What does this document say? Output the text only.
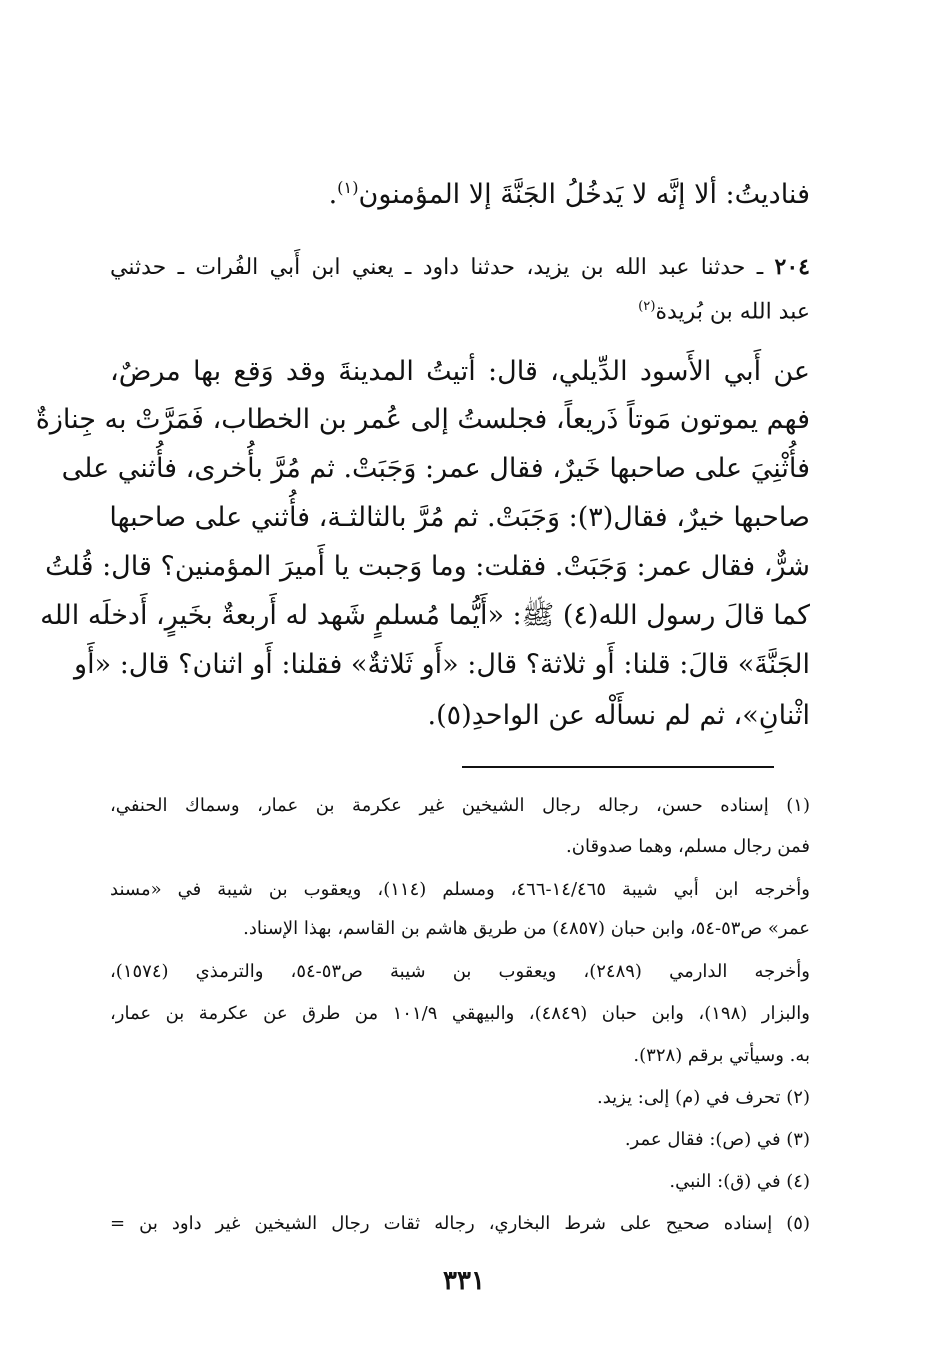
فناديتُ: ألا إنَّه لا يَدخُلُ الجَنَّةَ إلا المؤمنون$^{(١)}$.
٢٠٤ ـ حدثنا عبد الله بن يزيد، حدثنا داود ـ يعني ابن أَبي الفُرات ـ حدثني
عبد الله بن بُريدة$^{(٢)}$
عن أَبي الأَسود الدِّيلي، قال: أتيتُ المدينةَ وقد وَقع بها مرضٌ،
فهم يموتون مَوتاً ذَريعاً، فجلستُ إلى عُمر بن الخطاب، فَمَرَّتْ به جِنازةٌ
فأُثْنِيَ على صاحبها خَيرٌ، فقال عمر: وَجَبَتْ. ثم مُرَّ بأُخرى، فأُثني على
صاحبها خيرٌ، فقال(٣): وَجَبَتْ. ثم مُرَّ بالثالثـة، فأُثني على صاحبها
شرٌّ، فقال عمر: وَجَبَتْ. فقلت: وما وَجبت يا أَميرَ المؤمنين؟ قال: قُلتُ
كما قالَ رسول الله(٤) ﷺ: «أَيُّما مُسلمٍ شَهد له أَربعةٌ بخَيرٍ، أَدخلَه الله
الجَنَّةَ» قالَ: قلنا: أَو ثلاثة؟ قال: «أَو ثَلاثةٌ» فقلنا: أَو اثنان؟ قال: «أَو
اثْنانِ»، ثم لم نسأَلْه عن الواحدِ(٥).
(١) إسناده حسن، رجاله رجال الشيخين غير عكرمة بن عمار، وسماك الحنفي،
فمن رجال مسلم، وهما صدوقان.
وأخرجه ابن أبي شيبة ١٤/٤٦٥-٤٦٦، ومسلم (١١٤)، ويعقوب بن شيبة في «مسند
عمر» ص٥٣-٥٤، وابن حبان (٤٨٥٧) من طريق هاشم بن القاسم، بهذا الإسناد.
وأخرجه الدارمي (٢٤٨٩)، ويعقوب بن شيبة ص٥٣-٥٤، والترمذي (١٥٧٤)،
والبزار (١٩٨)، وابن حبان (٤٨٤٩)، والبيهقي ١٠١/٩ من طرق عن عكرمة بن عمار،
به. وسيأتي برقم (٣٢٨).
(٢) تحرف في (م) إلى: يزيد.
(٣) في (ص): فقال عمر.
(٤) في (ق): النبي.
(٥) إسناده صحيح على شرط البخاري، رجاله ثقات رجال الشيخين غير داود بن =
٣٣١
